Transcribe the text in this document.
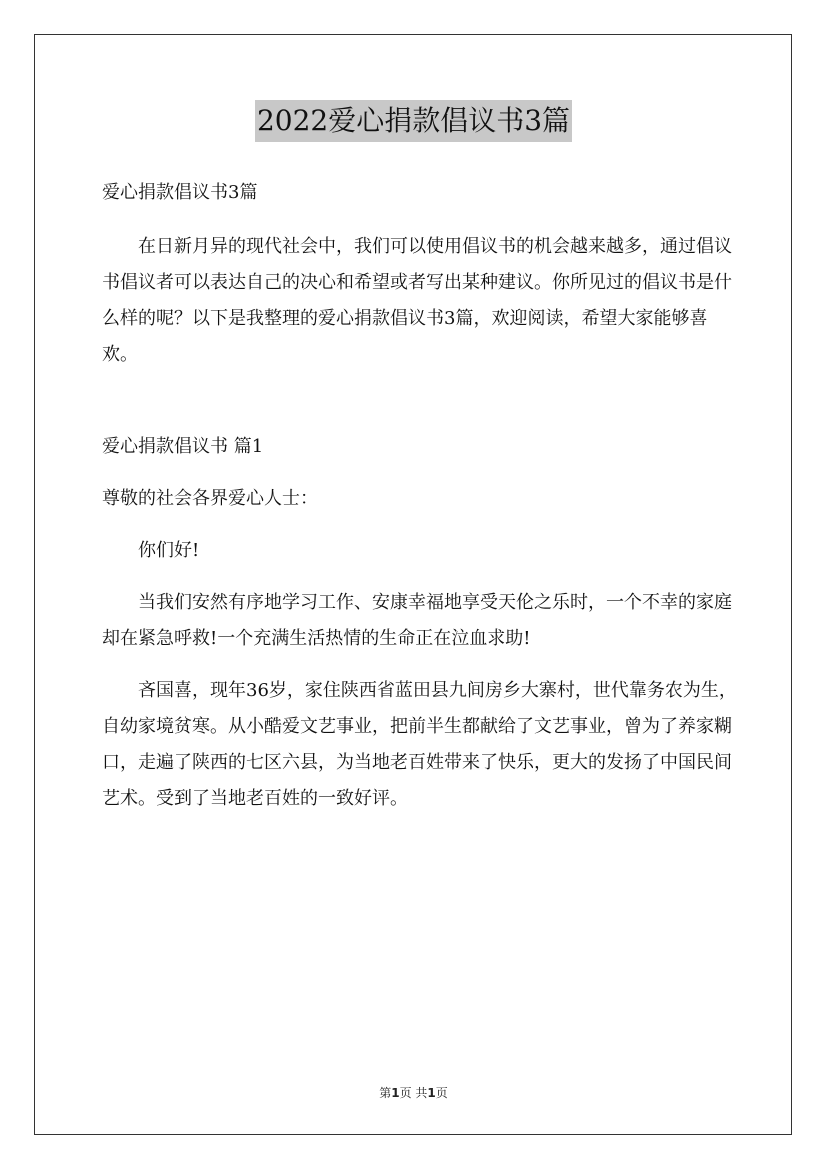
2022爱心捐款倡议书3篇

爱心捐款倡议书3篇

在日新月异的现代社会中，我们可以使用倡议书的机会越来越多，通过倡议书倡议者可以表达自己的决心和希望或者写出某种建议。你所见过的倡议书是什么样的呢？以下是我整理的爱心捐款倡议书3篇，欢迎阅读，希望大家能够喜欢。

爱心捐款倡议书 篇1

尊敬的社会各界爱心人士：

你们好!

当我们安然有序地学习工作、安康幸福地享受天伦之乐时，一个不幸的家庭却在紧急呼救!一个充满生活热情的生命正在泣血求助!

吝国喜，现年36岁，家住陕西省蓝田县九间房乡大寨村，世代靠务农为生，自幼家境贫寒。从小酷爱文艺事业，把前半生都献给了文艺事业，曾为了养家糊口，走遍了陕西的七区六县，为当地老百姓带来了快乐，更大的发扬了中国民间艺术。受到了当地老百姓的一致好评。

第1页 共1页
